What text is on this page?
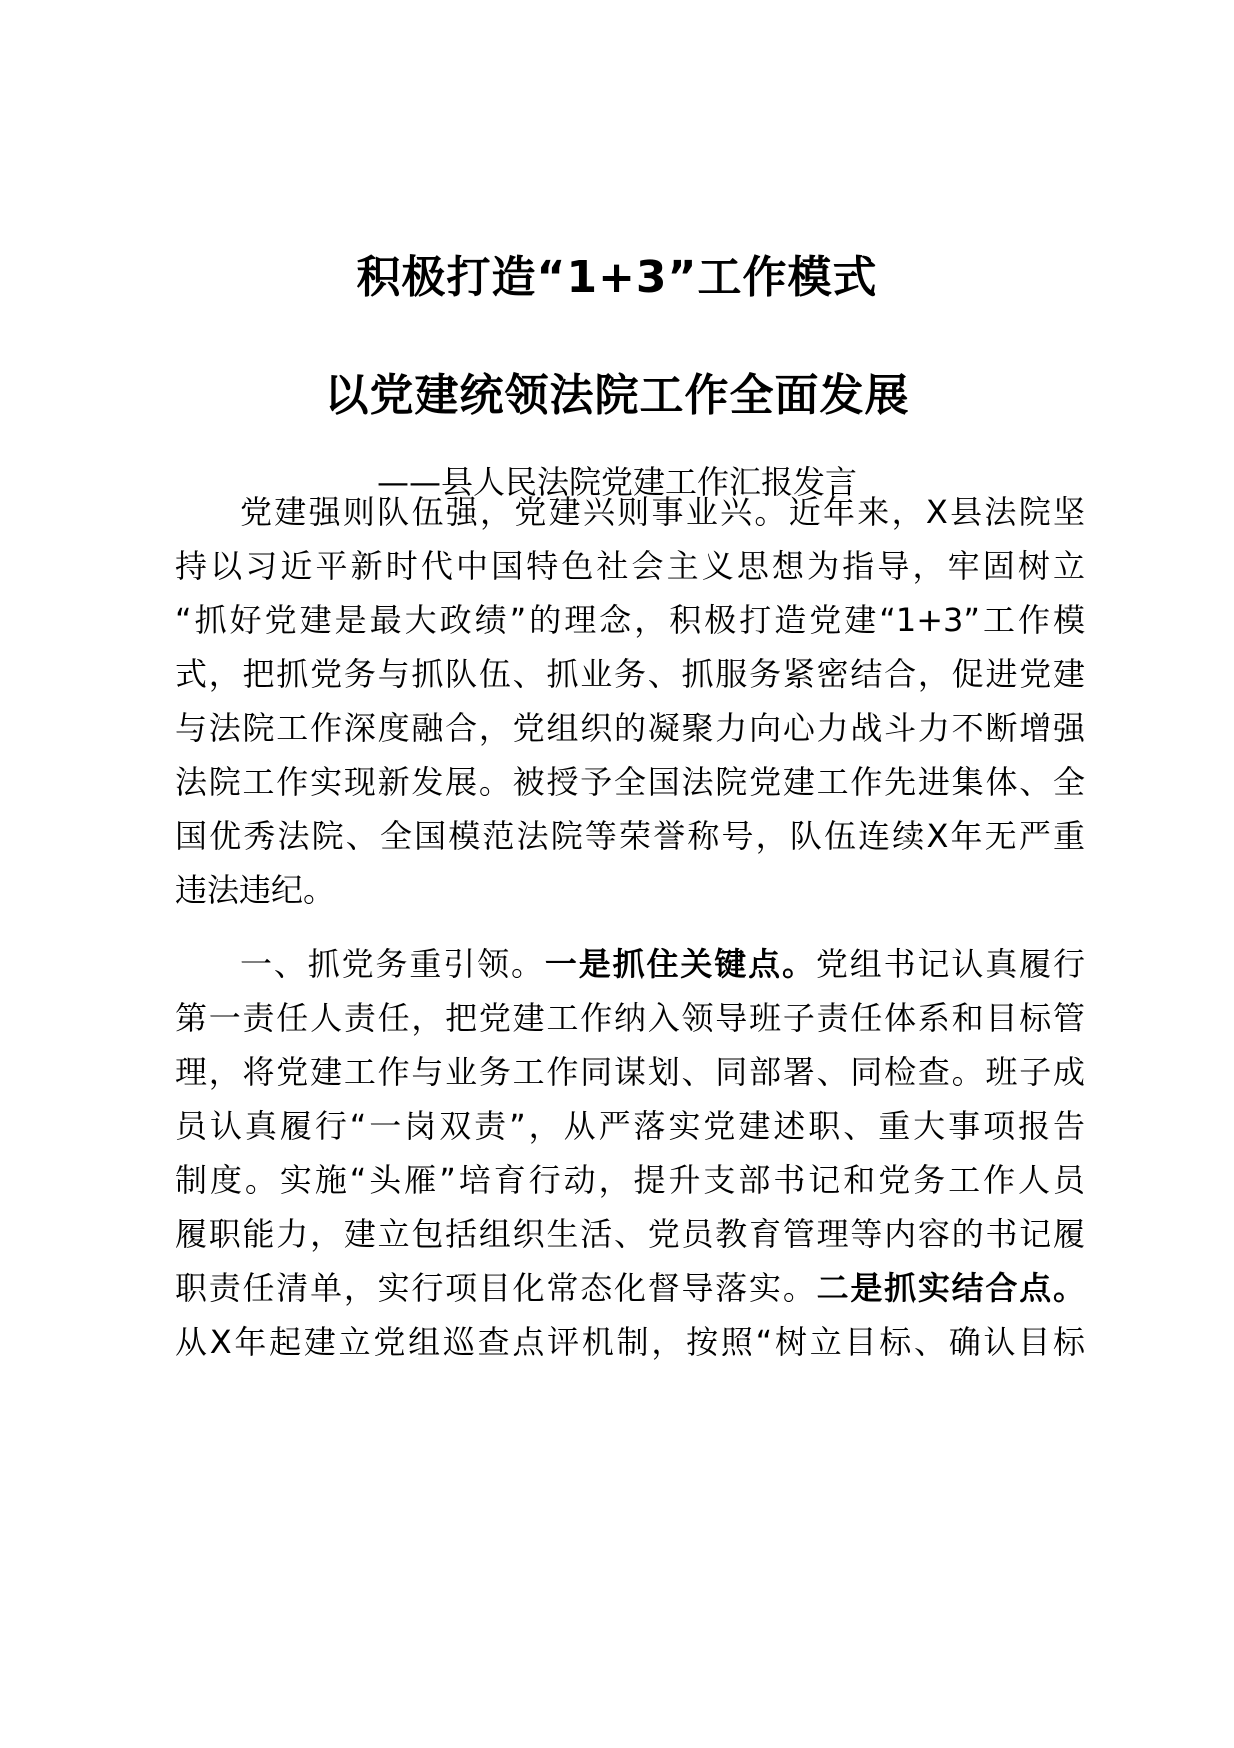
积极打造“1+3”工作模式
以党建统领法院工作全面发展
——县人民法院党建工作汇报发言
党建强则队伍强，党建兴则事业兴。近年来，X县法院坚
持以习近平新时代中国特色社会主义思想为指导，牢固树立
“抓好党建是最大政绩”的理念，积极打造党建“1+3”工作模
式，把抓党务与抓队伍、抓业务、抓服务紧密结合，促进党建
与法院工作深度融合，党组织的凝聚力向心力战斗力不断增强
法院工作实现新发展。被授予全国法院党建工作先进集体、全
国优秀法院、全国模范法院等荣誉称号，队伍连续X年无严重
违法违纪。
一、抓党务重引领。一是抓住关键点。党组书记认真履行
第一责任人责任，把党建工作纳入领导班子责任体系和目标管
理，将党建工作与业务工作同谋划、同部署、同检查。班子成
员认真履行“一岗双责”，从严落实党建述职、重大事项报告
制度。实施“头雁”培育行动，提升支部书记和党务工作人员
履职能力，建立包括组织生活、党员教育管理等内容的书记履
职责任清单，实行项目化常态化督导落实。二是抓实结合点。
从X年起建立党组巡查点评机制，按照“树立目标、确认目标
